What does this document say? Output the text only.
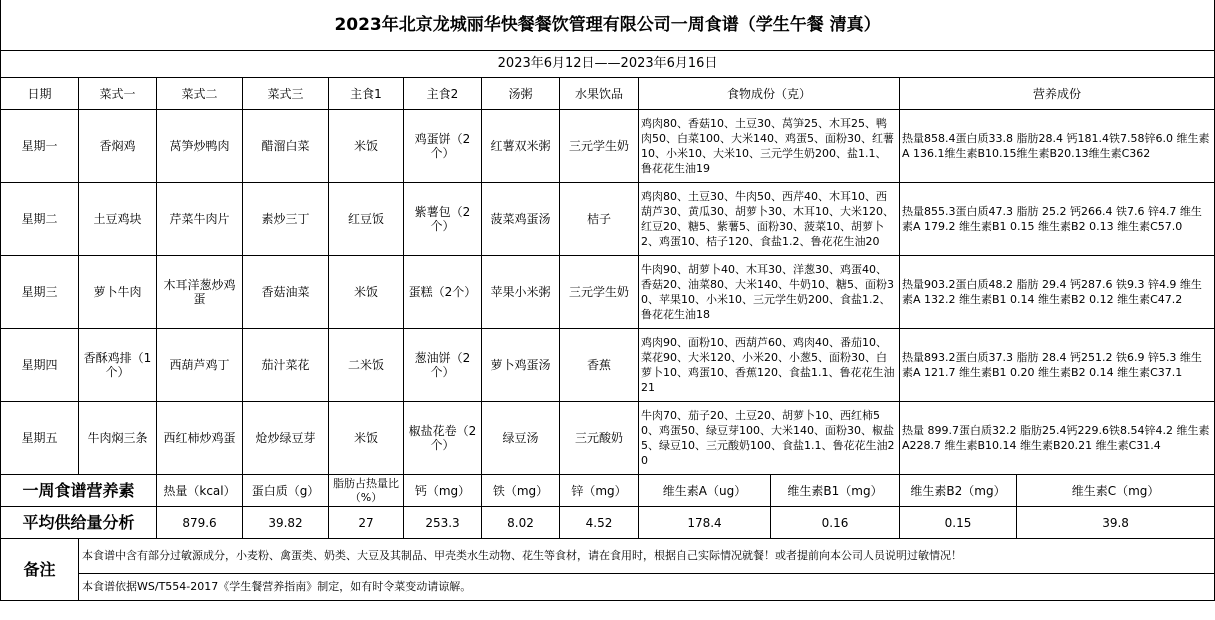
2023年北京龙城丽华快餐餐饮管理有限公司一周食谱（学生午餐 清真）											
2023年6月12日——2023年6月16日											
日期	菜式一	菜式二	菜式三	主食1	主食2	汤粥	水果饮品	食物成份（克）		营养成份	
星期一	香焖鸡	莴笋炒鸭肉	醋溜白菜	米饭	鸡蛋饼（2个）	红薯双米粥	三元学生奶	鸡肉80、香菇10、土豆30、莴笋25、木耳25、鸭肉50、白菜100、大米140、鸡蛋5、面粉30、红薯10、小米10、大米10、三元学生奶200、盐1.1、鲁花花生油19		热量858.4蛋白质33.8 脂肪28.4 钙181.4铁7.58锌6.0 维生素A 136.1维生素B10.15维生素B20.13维生素C362	
星期二	土豆鸡块	芹菜牛肉片	素炒三丁	红豆饭	紫薯包（2个）	菠菜鸡蛋汤	桔子	鸡肉80、土豆30、牛肉50、西芹40、木耳10、西葫芦30、黄瓜30、胡萝卜30、木耳10、大米120、红豆20、糖5、紫薯5、面粉30、菠菜10、胡萝卜2、鸡蛋10、桔子120、食盐1.2、鲁花花生油20		热量855.3蛋白质47.3 脂肪 25.2 钙266.4 铁7.6 锌4.7 维生素A 179.2 维生素B1 0.15 维生素B2 0.13 维生素C57.0	
星期三	萝卜牛肉	木耳洋葱炒鸡蛋	香菇油菜	米饭	蛋糕（2个）	苹果小米粥	三元学生奶	牛肉90、胡萝卜40、木耳30、洋葱30、鸡蛋40、香菇20、油菜80、大米140、牛奶10、糖5、面粉30、苹果10、小米10、三元学生奶200、食盐1.2、鲁花花生油18		热量903.2蛋白质48.2 脂肪 29.4 钙287.6 铁9.3 锌4.9 维生素A 132.2 维生素B1 0.14 维生素B2 0.12 维生素C47.2	
星期四	香酥鸡排（1个）	西葫芦鸡丁	茄汁菜花	二米饭	葱油饼（2个）	萝卜鸡蛋汤	香蕉	鸡肉90、面粉10、西葫芦60、鸡肉40、番茄10、菜花90、大米120、小米20、小葱5、面粉30、白萝卜10、鸡蛋10、香蕉120、食盐1.1、鲁花花生油21		热量893.2蛋白质37.3 脂肪 28.4 钙251.2 铁6.9 锌5.3 维生素A 121.7 维生素B1 0.20 维生素B2 0.14 维生素C37.1	
星期五	牛肉焖三条	西红柿炒鸡蛋	炝炒绿豆芽	米饭	椒盐花卷（2个）	绿豆汤	三元酸奶	牛肉70、茄子20、土豆20、胡萝卜10、西红柿50、鸡蛋50、绿豆芽100、大米140、面粉30、椒盐5、绿豆10、三元酸奶100、食盐1.1、鲁花花生油20		热量 899.7蛋白质32.2 脂肪25.4钙229.6铁8.54锌4.2 维生素A228.7 维生素B10.14 维生素B20.21 维生素C31.4	
一周食谱营养素		热量（kcal）	蛋白质（g）	脂肪占热量比（%）	钙（mg）	铁（mg）	锌（mg）	维生素A（ug）	维生素B1（mg）	维生素B2（mg）	维生素C（mg）
平均供给量分析		879.6	39.82	27	253.3	8.02	4.52	178.4	0.16	0.15	39.8
备注	本食谱中含有部分过敏源成分，小麦粉、禽蛋类、奶类、大豆及其制品、甲壳类水生动物、花生等食材，请在食用时，根据自己实际情况就餐！或者提前向本公司人员说明过敏情况！										
	本食谱依据WS/T554-2017《学生餐营养指南》制定，如有时令菜变动请谅解。										
